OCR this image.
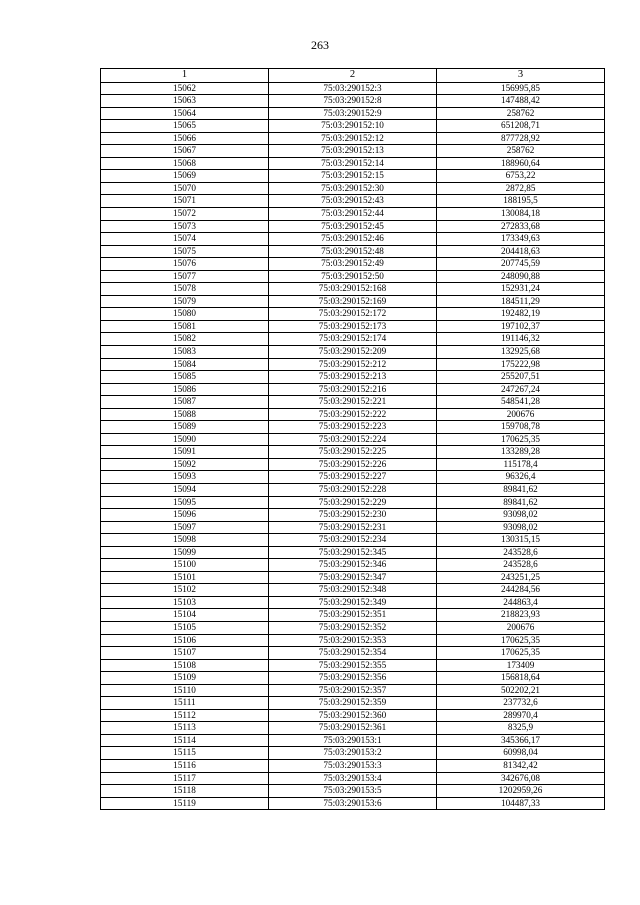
263
1	2	3
15062	75:03:290152:3	156995,85
15063	75:03:290152:8	147488,42
15064	75:03:290152:9	258762
15065	75:03:290152:10	651208,71
15066	75:03:290152:12	877728,92
15067	75:03:290152:13	258762
15068	75:03:290152:14	188960,64
15069	75:03:290152:15	6753,22
15070	75:03:290152:30	2872,85
15071	75:03:290152:43	188195,5
15072	75:03:290152:44	130084,18
15073	75:03:290152:45	272833,68
15074	75:03:290152:46	173349,63
15075	75:03:290152:48	204418,63
15076	75:03:290152:49	207745,59
15077	75:03:290152:50	248090,88
15078	75:03:290152:168	152931,24
15079	75:03:290152:169	184511,29
15080	75:03:290152:172	192482,19
15081	75:03:290152:173	197102,37
15082	75:03:290152:174	191146,32
15083	75:03:290152:209	132925,68
15084	75:03:290152:212	175222,98
15085	75:03:290152:213	255207,51
15086	75:03:290152:216	247267,24
15087	75:03:290152:221	548541,28
15088	75:03:290152:222	200676
15089	75:03:290152:223	159708,78
15090	75:03:290152:224	170625,35
15091	75:03:290152:225	133289,28
15092	75:03:290152:226	115178,4
15093	75:03:290152:227	96326,4
15094	75:03:290152:228	89841,62
15095	75:03:290152:229	89841,62
15096	75:03:290152:230	93098,02
15097	75:03:290152:231	93098,02
15098	75:03:290152:234	130315,15
15099	75:03:290152:345	243528,6
15100	75:03:290152:346	243528,6
15101	75:03:290152:347	243251,25
15102	75:03:290152:348	244284,56
15103	75:03:290152:349	244863,4
15104	75:03:290152:351	218823,93
15105	75:03:290152:352	200676
15106	75:03:290152:353	170625,35
15107	75:03:290152:354	170625,35
15108	75:03:290152:355	173409
15109	75:03:290152:356	156818,64
15110	75:03:290152:357	502202,21
15111	75:03:290152:359	237732,6
15112	75:03:290152:360	289970,4
15113	75:03:290152:361	8325,9
15114	75:03:290153:1	345366,17
15115	75:03:290153:2	60998,04
15116	75:03:290153:3	81342,42
15117	75:03:290153:4	342676,08
15118	75:03:290153:5	1202959,26
15119	75:03:290153:6	104487,33
